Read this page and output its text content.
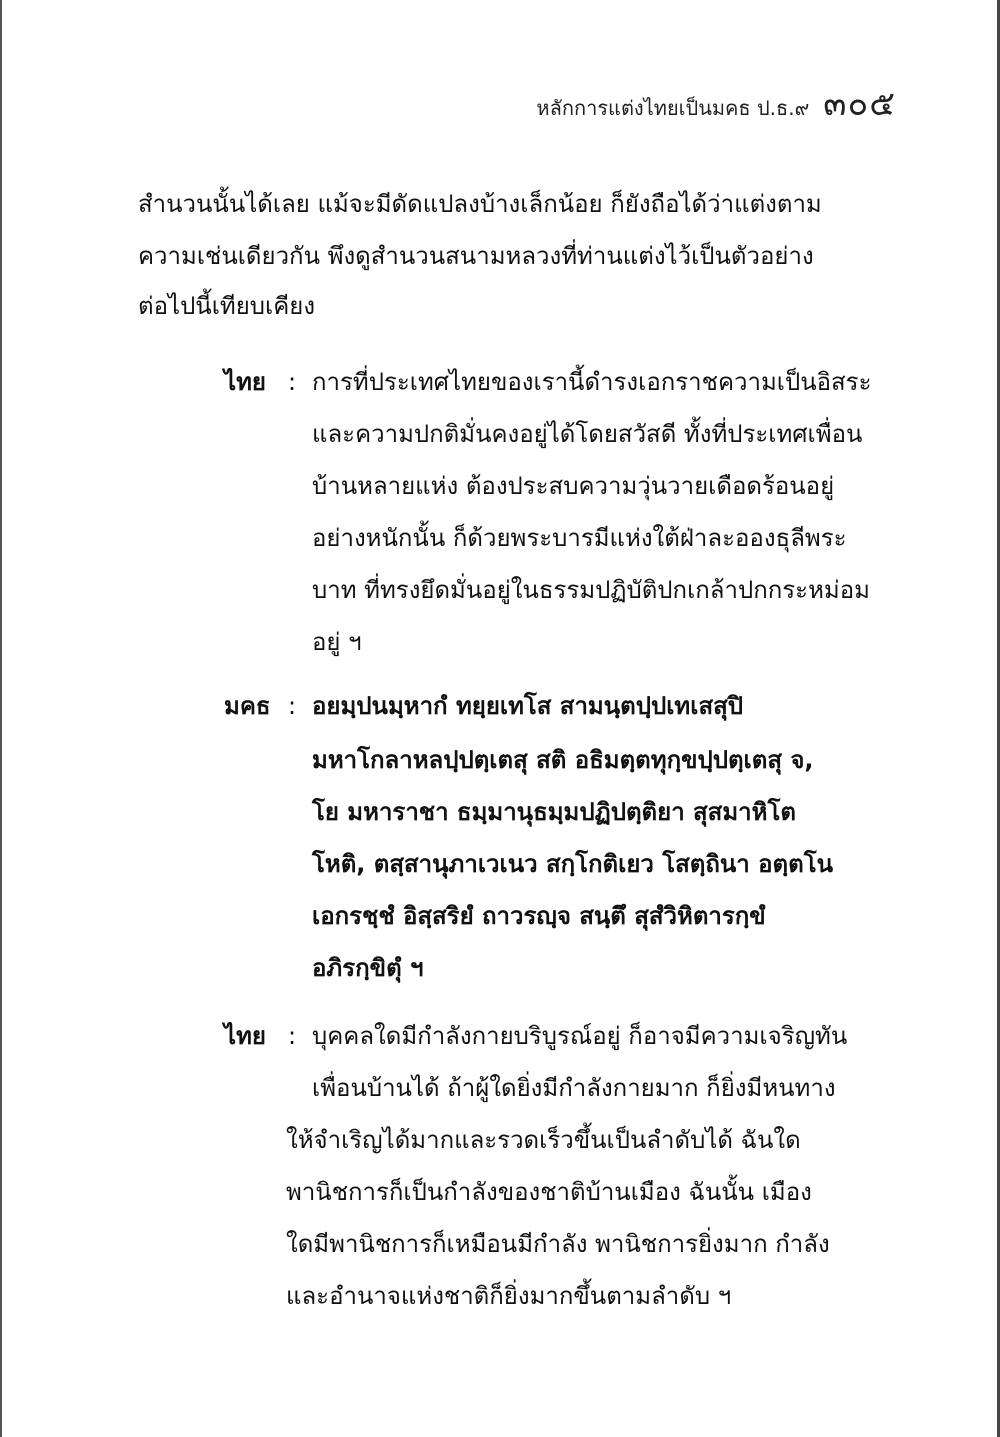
หลักการแต่งไทยเป็นมคธ ป.ธ.๙ ๓๐๕
สำนวนนั้นได้เลย แม้จะมีดัดแปลงบ้างเล็กน้อย ก็ยังถือได้ว่าแต่งตาม
ความเช่นเดียวกัน พึงดูสำนวนสนามหลวงที่ท่านแต่งไว้เป็นตัวอย่าง
ต่อไปนี้เทียบเคียง
ไทย : การที่ประเทศไทยของเรานี้ดำรงเอกราชความเป็นอิสระ
และความปกติมั่นคงอยู่ได้โดยสวัสดี ทั้งที่ประเทศเพื่อน
บ้านหลายแห่ง ต้องประสบความวุ่นวายเดือดร้อนอยู่
อย่างหนักนั้น ก็ด้วยพระบารมีแห่งใต้ฝ่าละอองธุลีพระ
บาท ที่ทรงยึดมั่นอยู่ในธรรมปฏิบัติปกเกล้าปกกระหม่อม
อยู่ ฯ
มคธ : อยมฺปนมฺหากํ ทยฺยเทโส สามนฺตปฺปเทเสสุปิ
มหาโกลาหลปฺปตฺเตสุ สติ อธิมตฺตทุกฺขปฺปตฺเตสุ จ,
โย มหาราชา ธมฺมานุธมฺมปฏิปตฺติยา สุสมาหิโต
โหติ, ตสฺสานุภาเวเนว สกฺโกติเยว โสตฺถินา อตฺตโน
เอกรชฺชํ อิสฺสริยํ ถาวรญฺจ สนฺตึ สุสํวิหิตารกฺขํ
อภิรกฺขิตุํ ฯ
ไทย : บุคคลใดมีกำลังกายบริบูรณ์อยู่ ก็อาจมีความเจริญทัน
เพื่อนบ้านได้ ถ้าผู้ใดยิ่งมีกำลังกายมาก ก็ยิ่งมีหนทาง
ให้จำเริญได้มากและรวดเร็วขึ้นเป็นลำดับได้ ฉันใด
พานิชการก็เป็นกำลังของชาติบ้านเมือง ฉันนั้น เมือง
ใดมีพานิชการก็เหมือนมีกำลัง พานิชการยิ่งมาก กำลัง
และอำนาจแห่งชาติก็ยิ่งมากขึ้นตามลำดับ ฯ
